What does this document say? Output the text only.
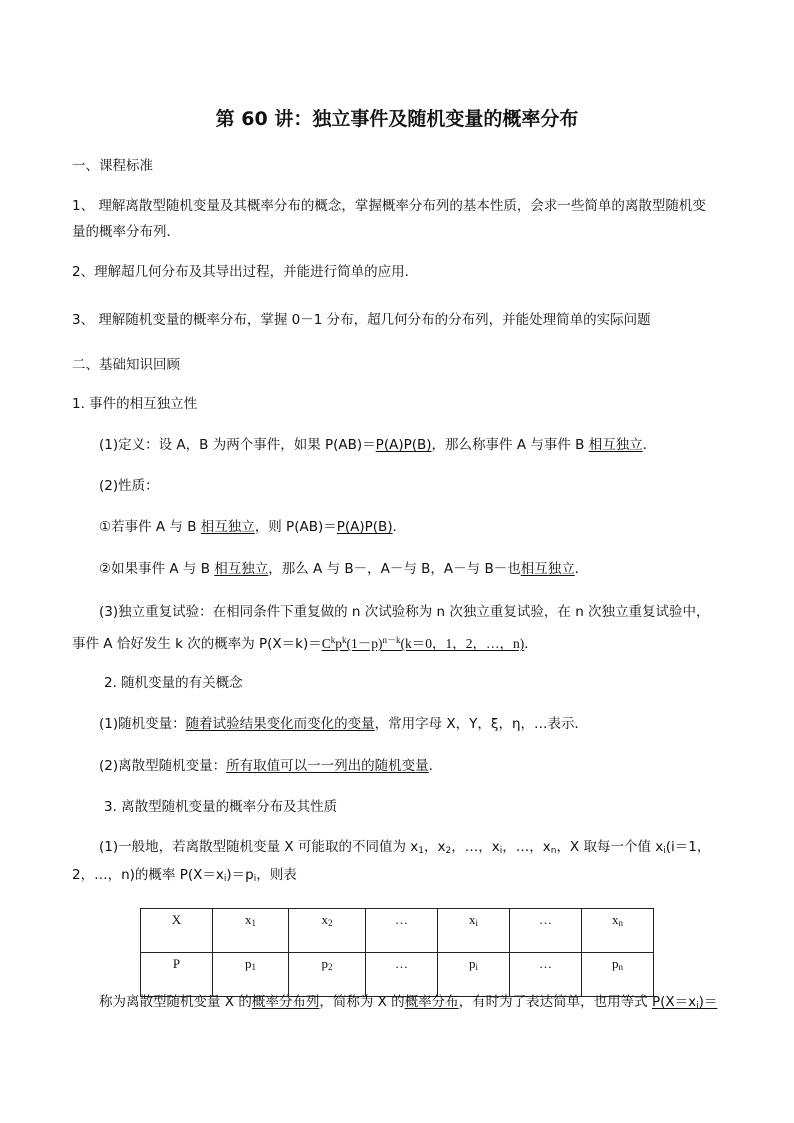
第 60 讲：独立事件及随机变量的概率分布
一、课程标准
1、 理解离散型随机变量及其概率分布的概念，掌握概率分布列的基本性质，会求一些简单的离散型随机变
量的概率分布列．
2、理解超几何分布及其导出过程，并能进行简单的应用．
3、 理解随机变量的概率分布，掌握 0－1 分布，超几何分布的分布列，并能处理简单的实际问题
二、基础知识回顾
1. 事件的相互独立性
(1)定义：设 A，B 为两个事件，如果 P(AB)＝P(A)P(B)，那么称事件 A 与事件 B 相互独立．
(2)性质：
①若事件 A 与 B 相互独立，则 P(AB)＝P(A)P(B)．
②如果事件 A 与 B 相互独立，那么 A 与 B－，A－与 B，A－与 B－也相互独立．
(3)独立重复试验：在相同条件下重复做的 n 次试验称为 n 次独立重复试验，在 n 次独立重复试验中，
事件 A 恰好发生 k 次的概率为 $P(X=k)=C^kp^k(1-p)^{n-k}(k=0$，1，2，…，n)．
2. 随机变量的有关概念
(1)随机变量：随着试验结果变化而变化的变量，常用字母 X，Y，ξ，η，…表示．
(2)离散型随机变量：所有取值可以一一列出的随机变量．
3. 离散型随机变量的概率分布及其性质
(1)一般地，若离散型随机变量 X 可能取的不同值为 $x_1$，$x_2$，…，$x_i$，…，$x_n$，X 取每一个值 $x_i(i=1$，
2，…，n)的概率 $P(X=x_i)=p_i$，则表
X	$x_1$	$x_2$	…	$x_i$	…	$x_n$
P	$p_1$	$p_2$	…	$p_i$	…	$p_n$
称为离散型随机变量 X 的概率分布列，简称为 X 的概率分布，有时为了表达简单，也用等式 $P(X=x_i)=$
